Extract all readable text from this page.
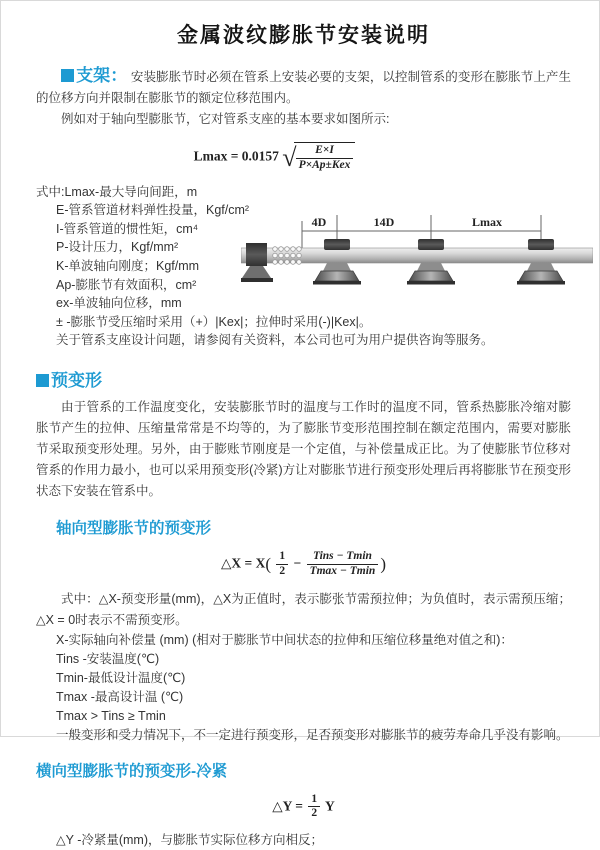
金属波纹膨胀节安装说明

支架： 安装膨胀节时必须在管系上安装必要的支架，以控制管系的变形在膨胀节上产生的位移方向并限制在膨胀节的额定位移范围内。

例如对于轴向型膨胀节，它对管系支座的基本要求如图所示:

Lmax = 0.0157 √ $\frac{E\times I}{\text{P×Ap±Kex}}$
式中:Lmax-最大导向间距，m
E-管系管道材料弹性投量，Kgf/cm²
I-管系管道的惯性矩，cm⁴
P-设计压力，Kgf/mm²
K-单波轴向刚度；Kgf/mm
Ap-膨胀节有效面积，cm²
ex-单波轴向位移，mm
± -膨胀节受压缩时采用（+）|Kex|；拉伸时采用(-)|Kex|。
关于管系支座设计问题，请参阅有关资料，本公司也可为用户提供咨询等服务。
4D	14D	Lmax
预变形

由于管系的工作温度变化，安装膨胀节时的温度与工作时的温度不同，管系热膨胀冷缩对膨胀节产生的拉伸、压缩量常常是不均等的，为了膨胀节变形范围控制在额定范围内，需要对膨胀节采取预变形处理。另外，由于膨账节刚度是一个定值，与补偿量成正比。为了使膨胀节位移对管系的作用力最小，也可以采用预变形(冷紧)方让对膨胀节进行预变形处理后再将膨胀节在预变形状态下安装在管系中。

轴向型膨胀节的预变形
△X = $X( \frac{1}{2} - \frac{\text{Tins − Tmin}}{Tmax - Tmin}$ )

式中：△X-预变形量(mm)，△X为正值时，表示膨张节需预拉伸；为负值时，表示需预压缩；△X = 0时表示不需预变形。

X-实际轴向补偿量 (mm) (相对于膨胀节中间状态的拉伸和压缩位移量绝对值之和)：
Tins -安装温度(℃)
Tmin-最低设计温度(℃)
Tmax -最高设计温 (℃)
Tmax > Tins ≥ Tmin
一般变形和受力情况下，不一定进行预变形，足否预变形对膨胀节的疲劳寿命几乎没有影响。
横向型膨胀节的预变形-冷紧
△Y = $\frac{1}{2}$ Y
△Y -冷紧量(mm)，与膨胀节实际位移方向相反；
